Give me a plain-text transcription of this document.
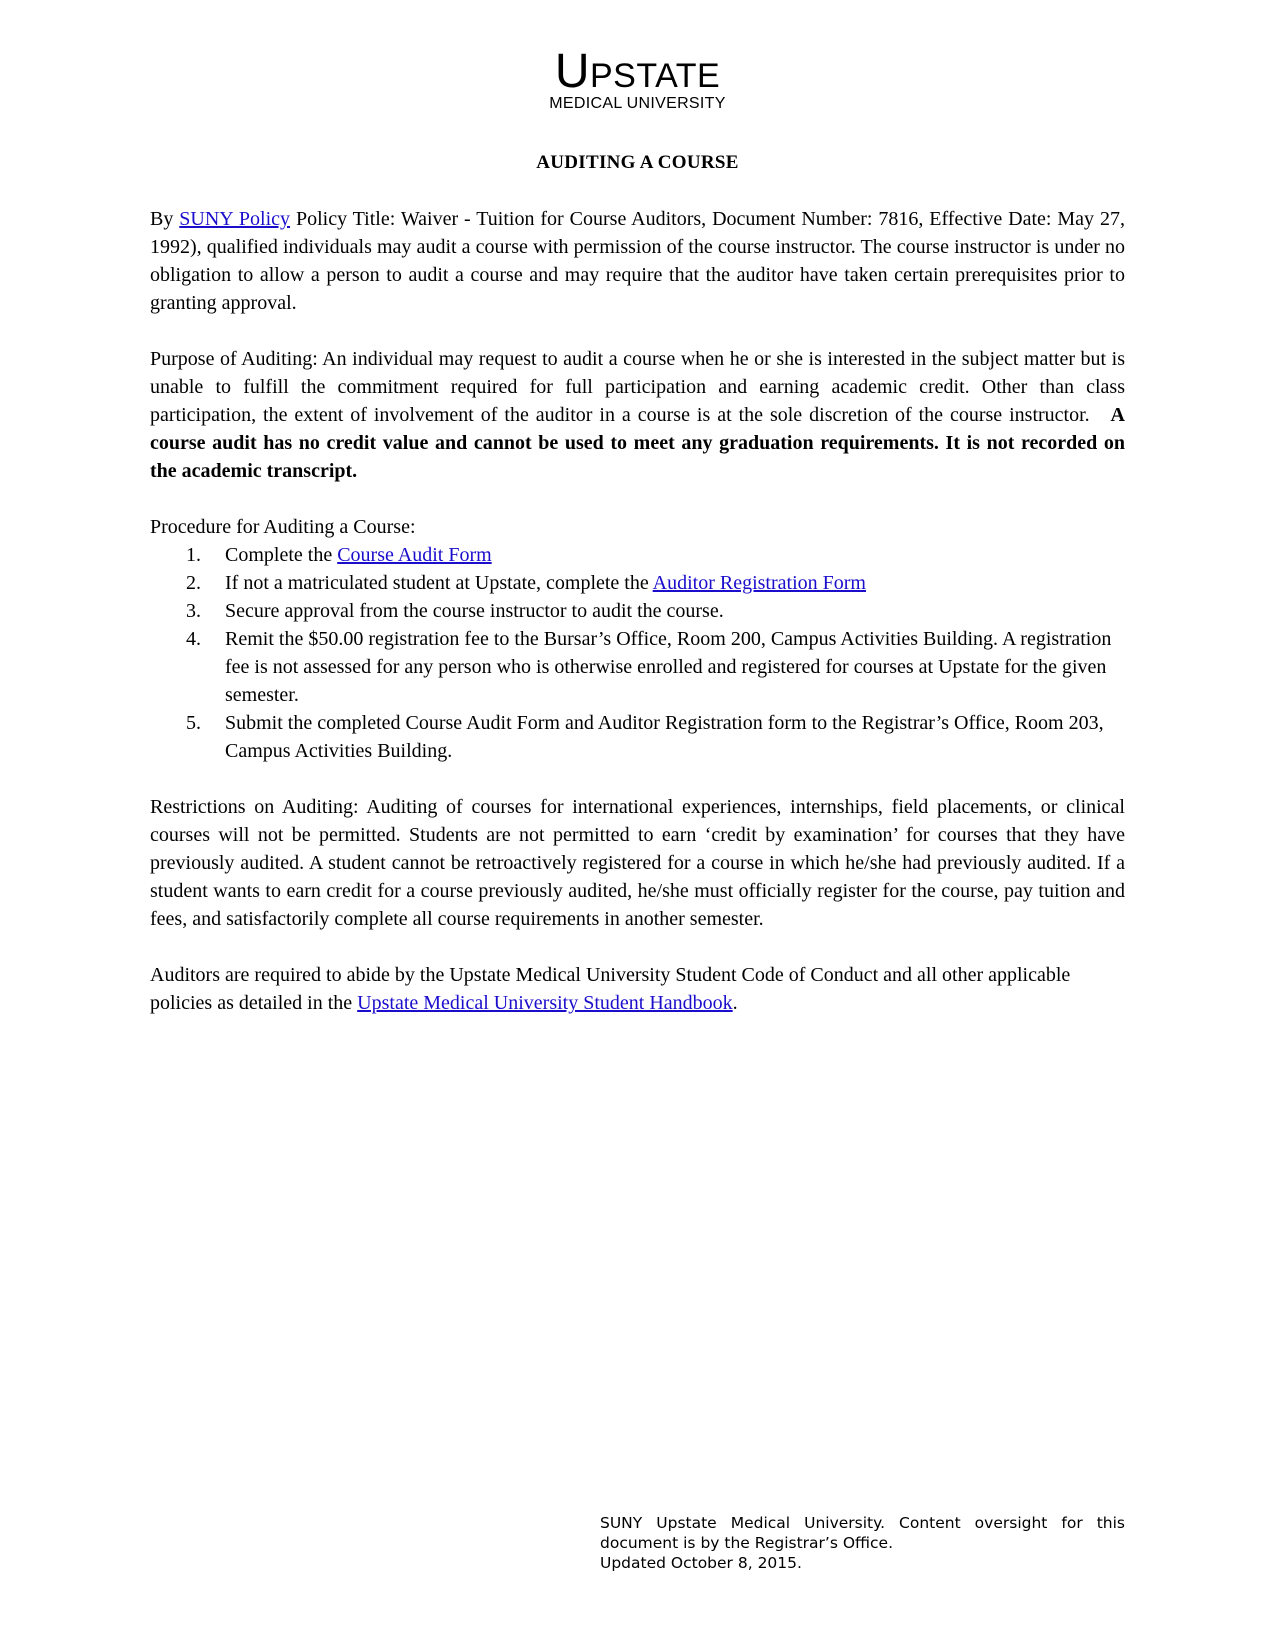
UPSTATE
MEDICAL UNIVERSITY
AUDITING A COURSE

By SUNY Policy Policy Title: Waiver - Tuition for Course Auditors, Document Number: 7816, Effective Date: May 27, 1992), qualified individuals may audit a course with permission of the course instructor. The course instructor is under no obligation to allow a person to audit a course and may require that the auditor have taken certain prerequisites prior to granting approval.

Purpose of Auditing: An individual may request to audit a course when he or she is interested in the subject matter but is unable to fulfill the commitment required for full participation and earning academic credit. Other than class participation, the extent of involvement of the auditor in a course is at the sole discretion of the course instructor. A course audit has no credit value and cannot be used to meet any graduation requirements. It is not recorded on the academic transcript.

Procedure for Auditing a Course:
1. Complete the Course Audit Form
2. If not a matriculated student at Upstate, complete the Auditor Registration Form
3. Secure approval from the course instructor to audit the course.
4. Remit the $50.00 registration fee to the Bursar’s Office, Room 200, Campus Activities Building. A registration fee is not assessed for any person who is otherwise enrolled and registered for courses at Upstate for the given semester.
5. Submit the completed Course Audit Form and Auditor Registration form to the Registrar’s Office, Room 203, Campus Activities Building.

Restrictions on Auditing: Auditing of courses for international experiences, internships, field placements, or clinical courses will not be permitted. Students are not permitted to earn ‘credit by examination’ for courses that they have previously audited. A student cannot be retroactively registered for a course in which he/she had previously audited. If a student wants to earn credit for a course previously audited, he/she must officially register for the course, pay tuition and fees, and satisfactorily complete all course requirements in another semester.

Auditors are required to abide by the Upstate Medical University Student Code of Conduct and all other applicable policies as detailed in the Upstate Medical University Student Handbook.

SUNY Upstate Medical University. Content oversight for this document is by the Registrar’s Office.
Updated October 8, 2015.
